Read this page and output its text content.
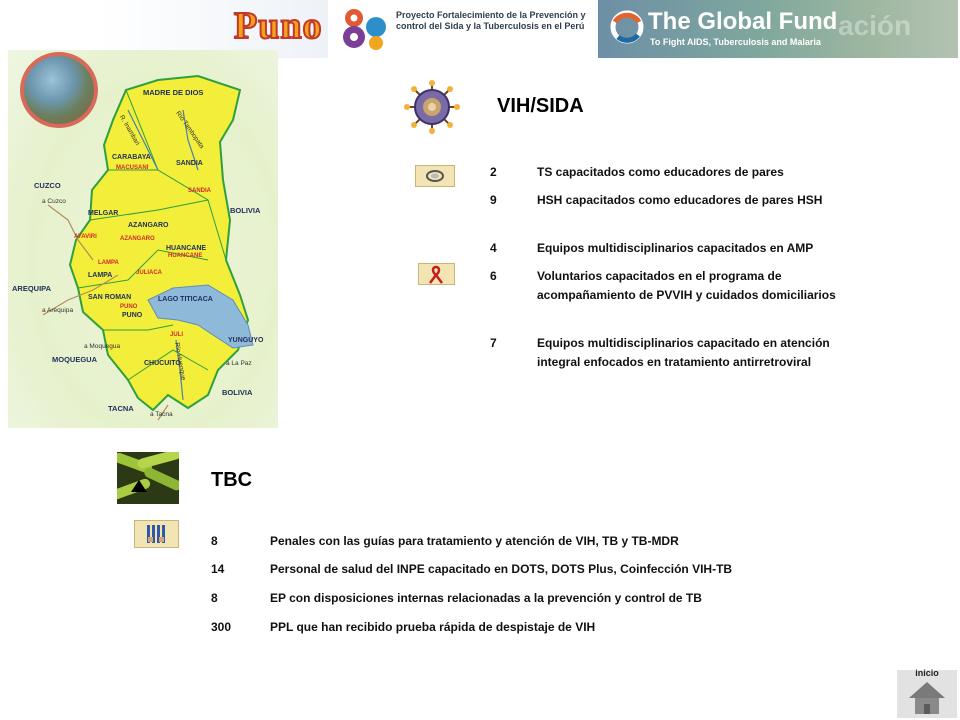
Puno	Proyecto Fortalecimiento de la Prevención y control del Sida y la Tuberculosis en el Perú	The Global Fund
To Fight AIDS, Tuberculosis and Malaria
ación
MADRE DE DIOS
CUZCO
BOLIVIA
AREQUIPA
MOQUEGUA
TACNA
BOLIVIA
CARABAYA
SANDIA
MELGAR
AZANGARO
HUANCANE
LAMPA
SAN ROMAN
PUNO
LAGO TITICACA
CHUCUITO
YUNGUYO
MACUSANI
SANDIA
AYAVIRI	AZANGARO
HUANCANE
LAMPA
JULIACA
PUNO
JULI
a Cuzco
a Arequipa
a Moquegua
a La Paz
a Tacna
R. Inambari	Río Tambopata
Río Huenque
VIH/SIDA
2	TS capacitados como educadores de pares
9	HSH capacitados como educadores de pares HSH
4	Equipos multidisciplinarios capacitados en AMP
6	Voluntarios capacitados en el programa de acompañamiento de PVVIH y cuidados domiciliarios
7	Equipos multidisciplinarios capacitado en atención integral enfocados en tratamiento antirretroviral
TBC
8	Penales con las guías para tratamiento y atención de VIH, TB y TB-MDR
14	Personal de salud del INPE capacitado en DOTS, DOTS Plus, Coinfección VIH-TB
8	EP con disposiciones internas relacionadas a la prevención y control de TB
300	PPL que han recibido prueba rápida de despistaje de VIH
inicio
